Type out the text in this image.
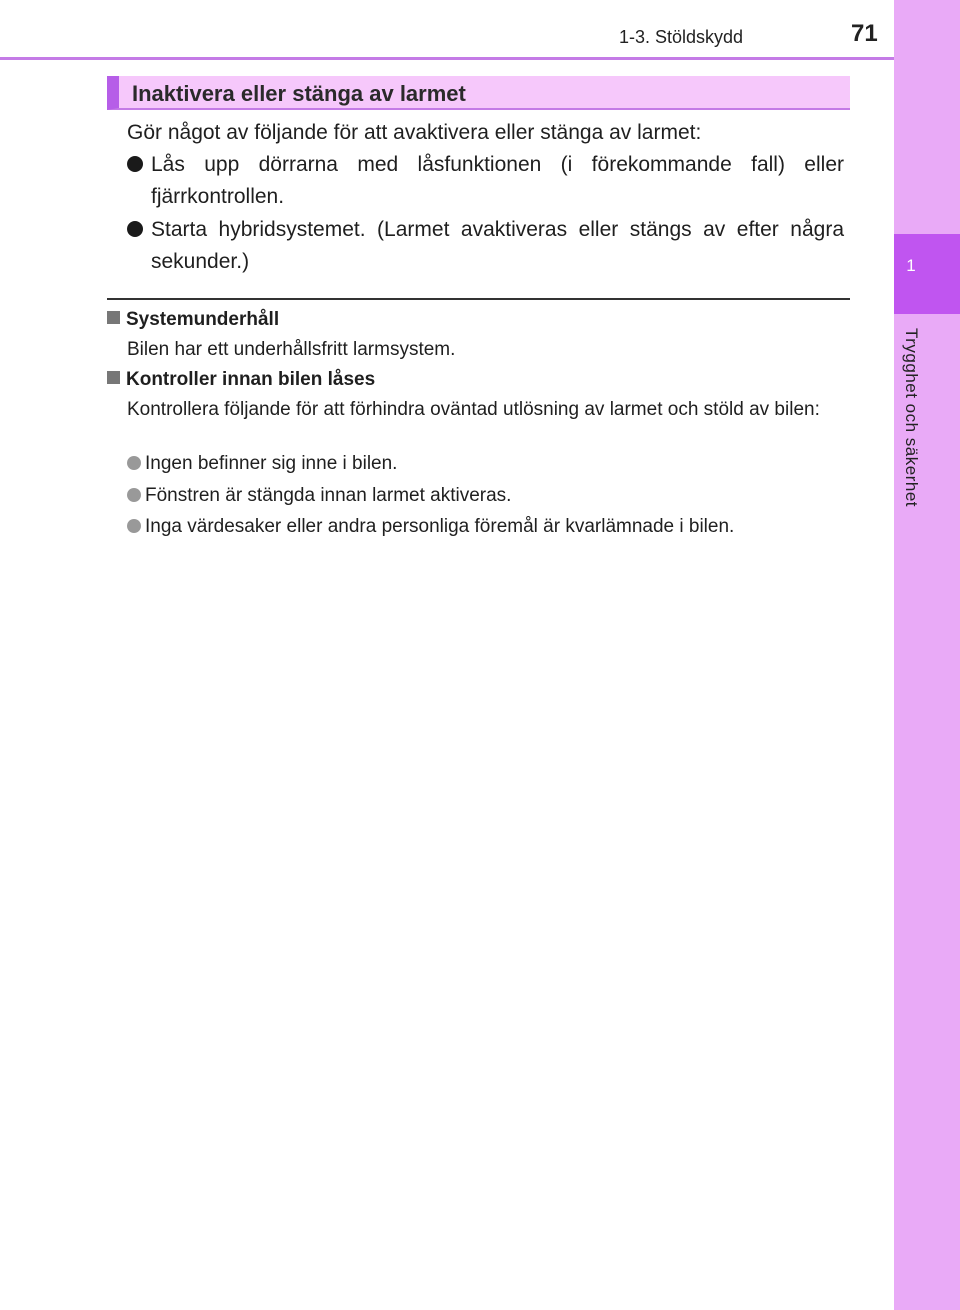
1
Trygghet och säkerhet
1-3. Stöldskydd	71
Inaktivera eller stänga av larmet
Gör något av följande för att avaktivera eller stänga av larmet:
Lås upp dörrarna med låsfunktionen (i förekommande fall) eller fjärrkontrollen.
Starta hybridsystemet. (Larmet avaktiveras eller stängs av efter några sekunder.)
Systemunderhåll
Bilen har ett underhållsfritt larmsystem.
Kontroller innan bilen låses
Kontrollera följande för att förhindra oväntad utlösning av larmet och stöld av bilen:
Ingen befinner sig inne i bilen.
Fönstren är stängda innan larmet aktiveras.
Inga värdesaker eller andra personliga föremål är kvarlämnade i bilen.
